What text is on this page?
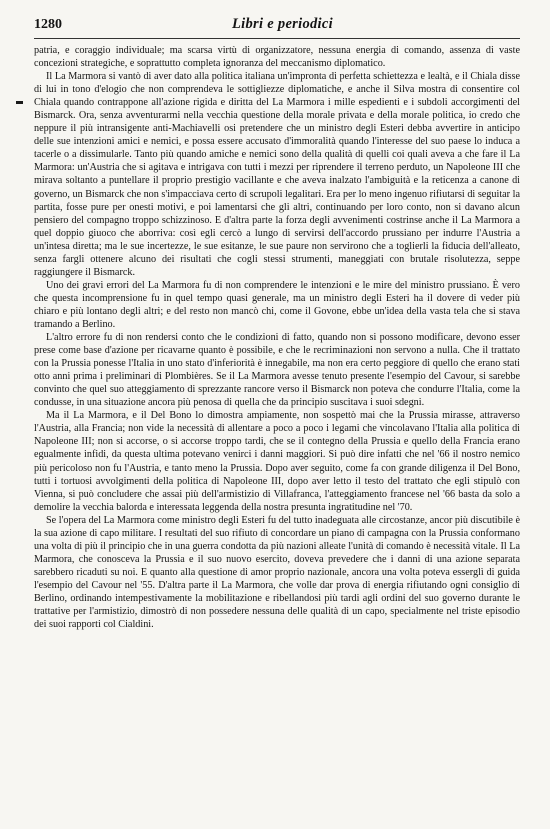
1280	Libri e periodici

patria, e coraggio individuale; ma scarsa virtù di organizzatore, nessuna energia di comando, assenza di vaste concezioni strategiche, e soprattutto completa ignoranza del meccanismo diplomatico.

Il La Marmora si vantò di aver dato alla politica italiana un'impronta di perfetta schiettezza e lealtà, e il Chiala disse di lui in tono d'elogio che non comprendeva le sottigliezze diplomatiche, e anche il Silva mostra di consentire col Chiala quando contrappone all'azione rigida e diritta del La Marmora i mille espedienti e i subdoli accorgimenti del Bismarck. Ora, senza avventurarmi nella vecchia questione della morale privata e della morale politica, io credo che neppure il più intransigente anti-Machiavelli osi pretendere che un ministro degli Esteri debba avvertire in anticipo delle sue intenzioni amici e nemici, e possa essere accusato d'immoralità quando l'interesse del suo paese lo induca a tacerle o a dissimularle. Tanto più quando amiche e nemici sono della qualità di quelli coi quali aveva a che fare il La Marmora: un'Austria che si agitava e intrigava con tutti i mezzi per riprendere il terreno perduto, un Napoleone III che mirava soltanto a puntellare il proprio prestigio vacillante e che aveva inalzato l'ambiguità e la reticenza a canone di governo, un Bismarck che non s'impacciava certo di scrupoli legalitari. Era per lo meno ingenuo rifiutarsi di seguitar la partita, fosse pure per onesti motivi, e poi lamentarsi che gli altri, continuando per loro conto, non si davano alcun pensiero del compagno troppo schizzinoso. E d'altra parte la forza degli avvenimenti costrinse anche il La Marmora a quel doppio giuoco che aborriva: così egli cercò a lungo di servirsi dell'accordo prussiano per indurre l'Austria a un'intesa diretta; ma le sue incertezze, le sue esitanze, le sue paure non servirono che a toglierli la fiducia dell'alleato, senza fargli ottenere alcuno dei risultati che cogli stessi strumenti, maneggiati con brutale risolutezza, seppe raggiungere il Bismarck.

Uno dei gravi errori del La Marmora fu di non comprendere le intenzioni e le mire del ministro prussiano. È vero che questa incomprensione fu in quel tempo quasi generale, ma un ministro degli Esteri ha il dovere di veder più chiaro e più lontano degli altri; e del resto non mancò chi, come il Govone, ebbe un'idea della vasta tela che si stava tramando a Berlino.

L'altro errore fu di non rendersi conto che le condizioni di fatto, quando non si possono modificare, devono esser prese come base d'azione per ricavarne quanto è possibile, e che le recriminazioni non servono a nulla. Che il trattato con la Prussia ponesse l'Italia in uno stato d'inferiorità è innegabile, ma non era certo peggiore di quello che erano stati otto anni prima i preliminari di Plombières. Se il La Marmora avesse tenuto presente l'esempio del Cavour, si sarebbe convinto che quel suo atteggiamento di sprezzante rancore verso il Bismarck non poteva che condurre l'Italia, come la condusse, in una situazione ancora più penosa di quella che da principio suscitava i suoi sdegni.

Ma il La Marmora, e il Del Bono lo dimostra ampiamente, non sospettò mai che la Prussia mirasse, attraverso l'Austria, alla Francia; non vide la necessità di allentare a poco a poco i legami che vincolavano l'Italia alla politica di Napoleone III; non si accorse, o si accorse troppo tardi, che se il contegno della Prussia e quello della Francia erano egualmente infidi, da questa ultima potevano venirci i danni maggiori. Si può dire infatti che nel '66 il nostro nemico più pericoloso non fu l'Austria, e tanto meno la Prussia. Dopo aver seguito, come fa con grande diligenza il Del Bono, tutti i tortuosi avvolgimenti della politica di Napoleone III, dopo aver letto il testo del trattato che egli stipulò con Vienna, si può concludere che assai più dell'armistizio di Villafranca, l'atteggiamento francese nel '66 basta da solo a demolire la vecchia balorda e interessata leggenda della nostra presunta ingratitudine nel '70.

Se l'opera del La Marmora come ministro degli Esteri fu del tutto inadeguata alle circostanze, ancor più discutibile è la sua azione di capo militare. I resultati del suo rifiuto di concordare un piano di campagna con la Prussia conformano una volta di più il principio che in una guerra condotta da più nazioni alleate l'unità di comando è necessità vitale. Il La Marmora, che conosceva la Prussia e il suo nuovo esercito, doveva prevedere che i danni di una azione separata sarebbero ricaduti su noi. E quanto alla questione di amor proprio nazionale, ancora una volta poteva esserglì di guida l'esempio del Cavour nel '55. D'altra parte il La Marmora, che volle dar prova di energia rifiutando ogni consiglio di Berlino, ordinando intempestivamente la mobilitazione e ribellandosi più tardi agli ordini del suo governo durante le trattative per l'armistizio, dimostrò di non possedere nessuna delle qualità di un capo, specialmente nel triste episodio dei suoi rapporti col Cialdini.
